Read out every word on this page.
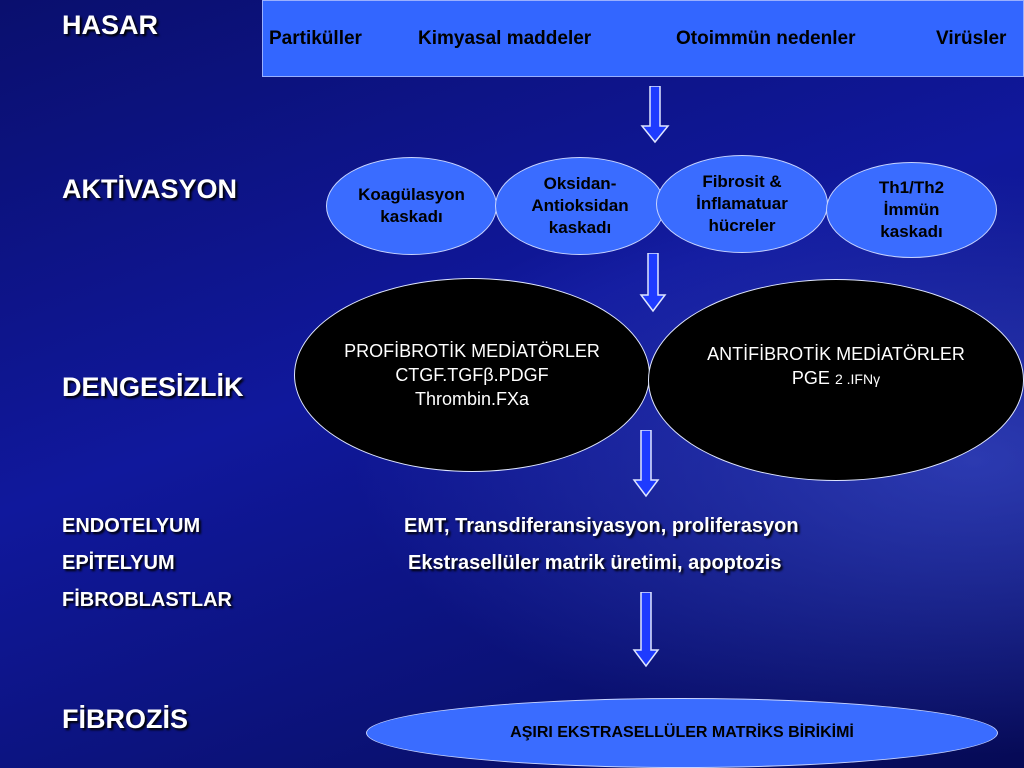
HASAR
AKTİVASYON
DENGESİZLİK
ENDOTELYUM
EPİTELYUM
FİBROBLASTLAR
FİBROZİS
Partiküller	Kimyasal maddeler	Otoimmün nedenler	Virüsler
Koagülasyon
kaskadı
Oksidan-
Antioksidan
kaskadı
Fibrosit &
İnflamatuar
hücreler
Th1/Th2
İmmün
kaskadı
PROFİBROTİK MEDİATÖRLER
CTGF.TGFβ.PDGF
Thrombin.FXa
ANTİFİBROTİK MEDİATÖRLER
PGE 2 .IFNγ
EMT, Transdiferansiyasyon, proliferasyon
Ekstrasellüler matrik üretimi, apoptozis
AŞIRI EKSTRASELLÜLER MATRİKS BİRİKİMİ
